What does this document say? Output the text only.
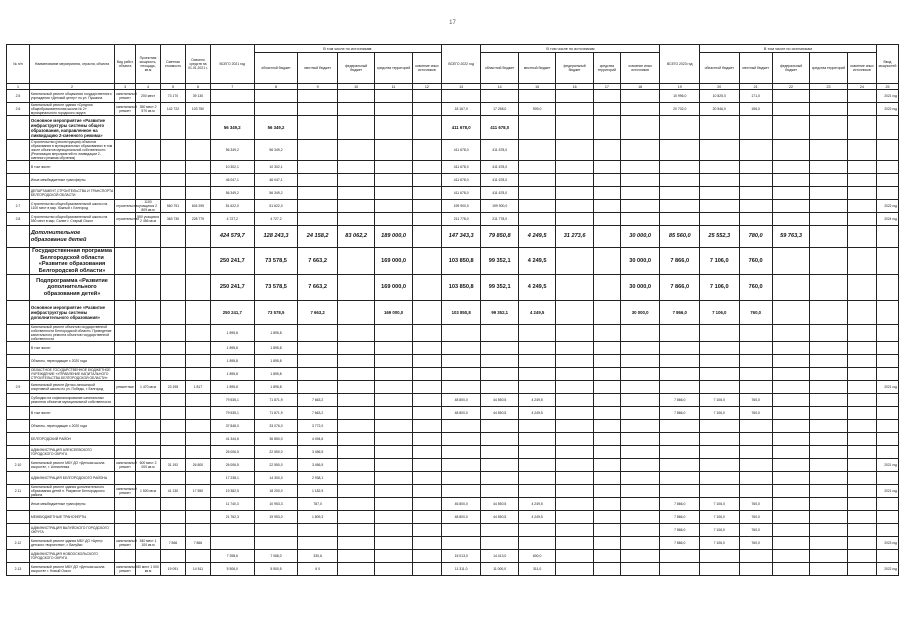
17
№ п/п	Наименование мероприятия, отрасли, объекта	Вид работ, объекта	Проектная мощность, площадь, кв.м	Сметная стоимость	Освоено средств на 01.01.2021 г.	ВСЕГО 2021 год	В том числе по источникам:					ВСЕГО 2022 год	В том числе по источникам					ВСЕГО 2023 год	В том числе по источникам					Ввод мощностей
							областной бюджет	местный бюджет	федеральный бюджет	средства территорий	освоение иных источников		областной бюджет	местный бюджет	федеральный бюджет	средства территорий	освоение иных источников		областной бюджет	местный бюджет	федеральный бюджет	средства территорий	освоение иных источников	
1	2	3	4	5	6	7	8	9	10	11	12	13	14	15	16	17	18	19	20	21	22	23	24	25
2.5	Капитальный ремонт общежития государственного учреждения «Детский центр» по ул. Пушкина	капитальный ремонт	200 мест	73 170	39 130													10 996,0	10 825,0	171,0				2021 год
2.6	Капитальный ремонт здания «Средняя общеобразовательная школа № 2» муниципального городского округа	капитальный ремонт	350 мест 2 570 кв.м	142 722	103 750							18 167,0	17 258,0	909,0				20 702,0	20 546,0	156,0				2022 год
	Основное мероприятие «Развитие инфраструктуры системы общего образования, направленное на ликвидацию 2-сменного режима»					56 349,2	56 349,2					411 678,0	411 678,0											
	Строительство (реконструкция) объектов образования в муниципальных образованиях в том числе объектов муниципальной собственности (Реализация мероприятий по ликвидации 2-сменного режима обучения)					56 349,2	56 349,2					411 678,0	411 678,0											
	В том числе:					10 302,1	10 302,1					411 678,0	411 678,0											
	Иные межбюджетные трансферты					46 047,1	46 047,1					411 678,0	411 678,0											
	ДЕПАРТАМЕНТ СТРОИТЕЛЬСТВА И ТРАНСПОРТА БЕЛГОРОДСКОЙ ОБЛАСТИ					56 349,2	56 349,2					411 678,0	411 678,0											
2.7	Строительство общеобразовательной школы на 1100 мест в мкр. Южный г. Белгород	строительство	1100 учащихся 2 809 кв.м	560 751	604 295	51 622,0	51 622,0					199 900,0	199 900,0											2022 год
2.8	Строительство общеобразовательной школы на 550 мест в мкр. Салют г. Старый Оскол	строительство	550 учащихся 2 456 кв.м	363 730	228 779	4 727,2	4 727,2					211 778,0	211 778,0											2024 год
	Дополнительное образование детей					424 579,7	128 243,3	24 158,2	83 062,2	189 000,0		147 343,3	79 850,8	4 249,5	31 273,6		30 000,0	85 560,0	25 552,3	780,0	59 763,3			
	Государственная программа Белгородской области «Развитие образования Белгородской области»					250 241,7	73 578,5	7 663,2		169 000,0		103 850,8	99 352,1	4 249,5			30 000,0	7 866,0	7 106,0	760,0				
	Подпрограмма «Развитие дополнительного образования детей»					250 241,7	73 578,5	7 663,2		169 000,0		103 850,8	99 352,1	4 249,5			30 000,0	7 866,0	7 106,0	760,0				
	Основное мероприятие «Развитие инфраструктуры системы дополнительного образования»					250 241,7	73 578,5	7 663,2		169 000,0		103 850,8	99 352,1	4 249,5			30 000,0	7 866,0	7 106,0	760,0				
	Капитальный ремонт объектов государственной собственности Белгородской области. Проведение капитального ремонта объектов государственной собственности					1 895,8	1 895,8																	
	В том числе:					1 895,8	1 895,8																	
	Объекты, переходящие с 2020 года					1 895,8	1 895,8																	
	ОБЛАСТНОЕ ГОСУДАРСТВЕННОЕ БЮДЖЕТНОЕ УЧРЕЖДЕНИЕ «УПРАВЛЕНИЕ КАПИТАЛЬНОГО СТРОИТЕЛЬСТВА БЕЛГОРОДСКОЙ ОБЛАСТИ»					1 895,8	1 895,8																	
2.9	Капитальный ремонт Детско-юношеской спортивной школы по ул. Победы, г. Белгород	ремонтные	1 470 кв.м	23 195	1 817	1 895,8	1 895,8																	2021 год
	Субсидии на софинансирование капитальных ремонтов объектов муниципальной собственности					79 535,1	71 871,9	7 663,2				48 800,0	44 550,5	4 249,5				7 866,0	7 106,0	760,0				
	В том числе:					79 535,1	71 871,9	7 663,2				48 800,0	44 550,5	4 249,5				7 866,0	7 106,0	760,0				
	Объекты, переходящие с 2020 года					37 848,0	33 076,0	3 772,0																
	БЕЛГОРОДСКИЙ РАЙОН					41 344,6	36 850,0	4 494,6																
	АДМИНИСТРАЦИЯ АЛЕКСЕЕВСКОГО ГОРОДСКОГО ОКРУГА					26 006,5	22 550,0	3 456,5																
2.10	Капитальный ремонт МБУ ДО «Детская школа искусств», г. Алексеевка	капитальный ремонт	600 мест 2 000 кв.м	31 192	26 800	26 006,5	22 550,0	3 456,5																2021 год
	АДМИНИСТРАЦИЯ БЕЛГОРОДСКОГО РАЙОНА					17 238,1	14 300,0	2 938,1																
2.11	Капитальный ремонт здания дополнительного образования детей п. Разумное Белгородского района	капитальный ремонт	1 500 кв.м	41 130	17 550	19 382,5	18 200,0	1 182,5																2021 год
	Иные межбюджетные трансферты					11 740,3	10 953,3	787,0				46 800,0	44 550,5	4 249,5				7 866,0	7 106,0	760,0				
	МЕЖБЮДЖЕТНЫЕ ТРАНСФЕРТЫ					21 762,3	19 953,0	1 809,3				48 800,0	44 550,5	4 249,5				7 866,0	7 106,0	760,0				
	АДМИНИСТРАЦИЯ ВАЛУЙСКОГО ГОРОДСКОГО ОКРУГА																	7 866,0	7 106,0	760,0				
2.12	Капитальный ремонт здания МБУ ДО «Центр детского творчества», г. Валуйки	капитальный ремонт	540 мест 1 100 кв.м	7 866	7 866													7 866,0	7 106,0	760,0				2023 год
	АДМИНИСТРАЦИЯ НОВООСКОЛЬСКОГО ГОРОДСКОГО ОКРУГА					7 398,6	7 068,0	330,6				15 013,0	14 413,0	600,0										
2.13	Капитальный ремонт МБУ ДО «Детская школа искусств» г. Новый Оскол	капитальный ремонт	80 мест 1 000 кв.м	19 091	14 511	5 506,0	5 500,5	6 0				11 311,0	11 000,0	311,0										2022 год
